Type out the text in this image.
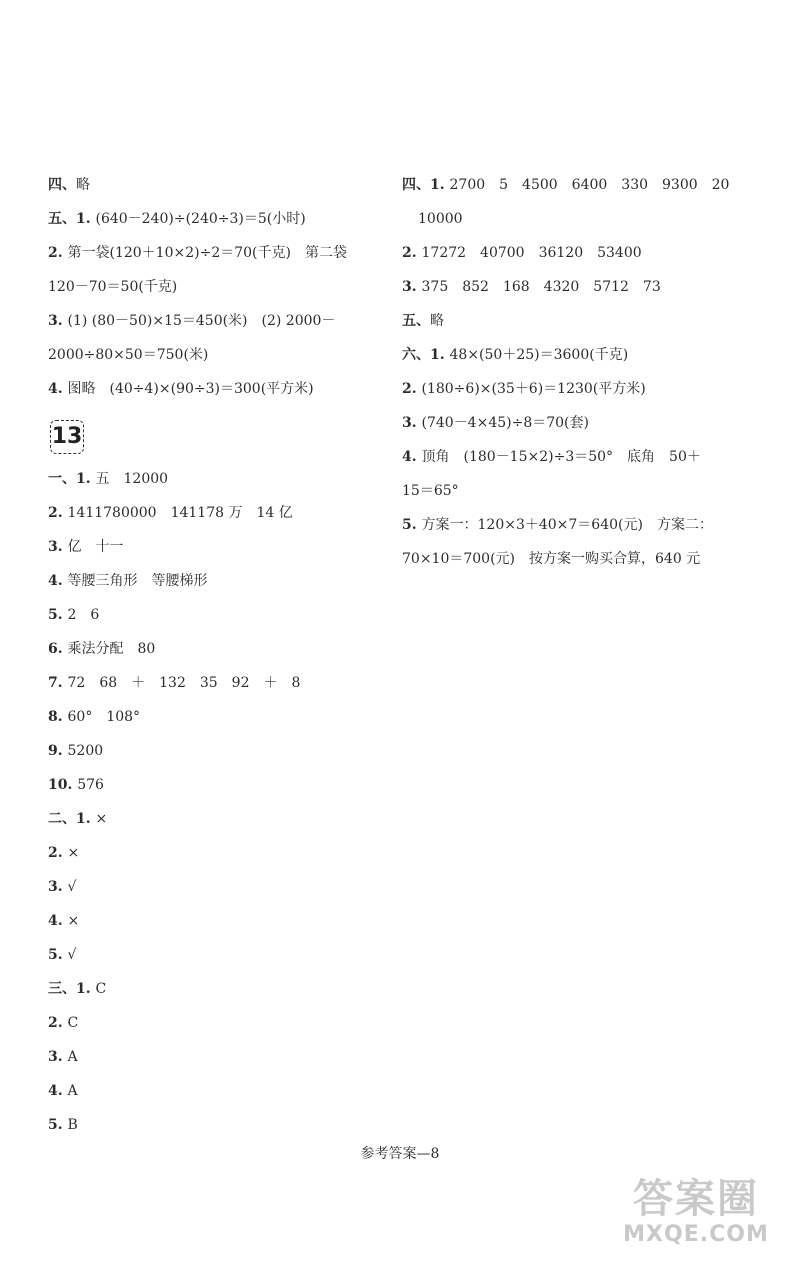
四、略
五、1. (640－240)÷(240÷3)＝5(小时)
2. 第一袋(120＋10×2)÷2＝70(千克)　第二袋
120－70＝50(千克)
3. (1) (80－50)×15＝450(米)　(2) 2000－
2000÷80×50＝750(米)
4. 图略　(40÷4)×(90÷3)＝300(平方米)
13
一、1. 五　12000
2. 1411780000　141178 万　14 亿
3. 亿　十一
4. 等腰三角形　等腰梯形
5. 2　6
6. 乘法分配　80
7. 72　68　＋　132　35　92　＋　8
8. 60°　108°
9. 5200
10. 576
二、1. ×
2. ×
3. √
4. ×
5. √
三、1. C
2. C
3. A
4. A
5. B
四、1. 2700　5　4500　6400　330　9300　20
10000
2. 17272　40700　36120　53400
3. 375　852　168　4320　5712　73
五、略
六、1. 48×(50＋25)＝3600(千克)
2. (180÷6)×(35＋6)＝1230(平方米)
3. (740－4×45)÷8＝70(套)
4. 顶角　(180－15×2)÷3＝50°　底角　50＋
15＝65°
5. 方案一：120×3＋40×7＝640(元)　方案二：
70×10＝700(元)　按方案一购买合算，640 元
参考答案—8
答案圈
MXQE.COM
